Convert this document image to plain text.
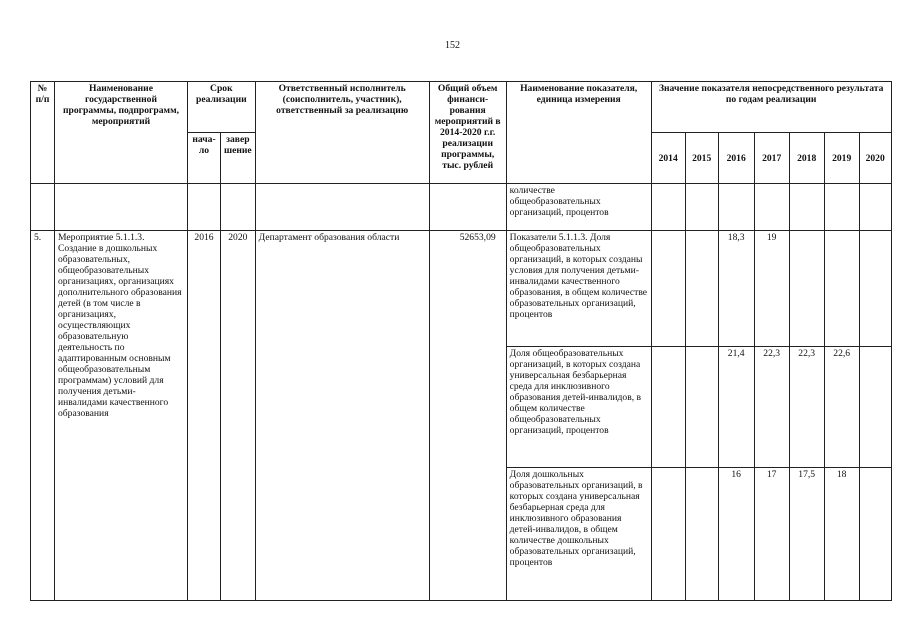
152
№ п/п	Наименование государственной программы, подпрограмм, мероприятий	Срок реализации		Ответственный исполнитель (соисполнитель, участник), ответственный за реализацию	Общий объем финанси-рования мероприятий в 2014-2020 г.г. реализации программы, тыс. рублей	Наименование показателя, единица измерения	Значение показателя непосредственного результата по годам реализации						
		нача-ло	завер шение				2014	2015	2016	2017	2018	2019	2020
						количестве общеобразовательных организаций, процентов							
5.	Мероприятие 5.1.1.3. Создание в дошкольных образовательных, общеобразовательных организациях, организациях дополнительного образования детей (в том числе в организациях, осуществляющих образовательную деятельность по адаптированным основным общеобразовательным программам) условий для получения детьми-инвалидами качественного образования	2016	2020	Департамент образования области	52653,09	Показатели 5.1.1.3. Доля общеобразовательных организаций, в которых созданы условия для получения детьми-инвалидами качественного образования, в общем количестве образовательных организаций, процентов			18,3	19			
						Доля общеобразовательных организаций, в которых создана универсальная безбарьерная среда для инклюзивного образования детей-инвалидов, в общем количестве общеобразовательных организаций, процентов			21,4	22,3	22,3	22,6	
						Доля дошкольных образовательных организаций, в которых создана универсальная безбарьерная среда для инклюзивного образования детей-инвалидов, в общем количестве дошкольных образовательных организаций, процентов			16	17	17,5	18	
